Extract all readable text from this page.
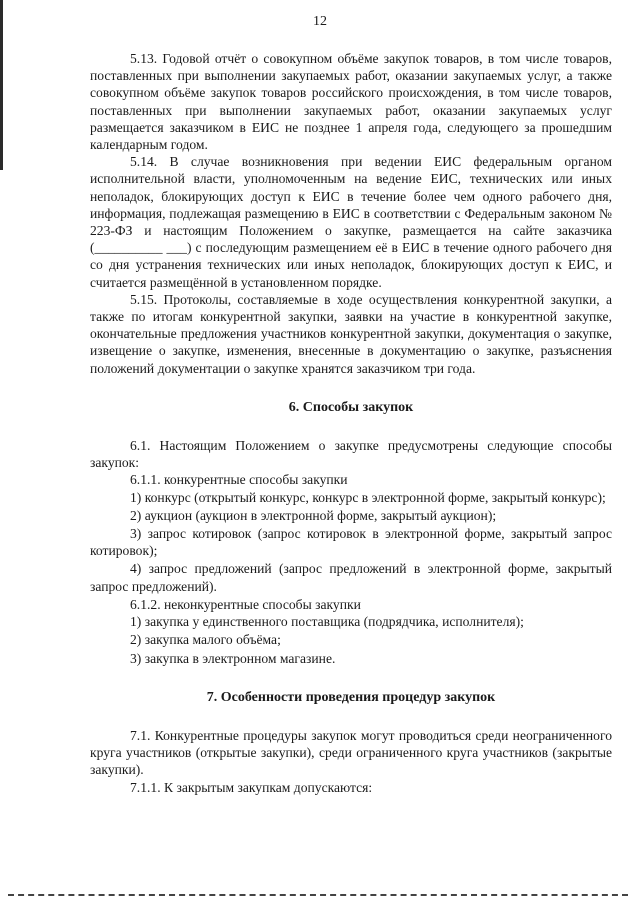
12

5.13. Годовой отчёт о совокупном объёме закупок товаров, в том числе товаров, поставленных при выполнении закупаемых работ, оказании закупаемых услуг, а также совокупном объёме закупок товаров российского происхождения, в том числе товаров, поставленных при выполнении закупаемых работ, оказании закупаемых услуг размещается заказчиком в ЕИС не позднее 1 апреля года, следующего за прошедшим календарным годом.

5.14. В случае возникновения при ведении ЕИС федеральным органом исполнительной власти, уполномоченным на ведение ЕИС, технических или иных неполадок, блокирующих доступ к ЕИС в течение более чем одного рабочего дня, информация, подлежащая размещению в ЕИС в соответствии с Федеральным законом № 223-ФЗ и настоящим Положением о закупке, размещается на сайте заказчика (__________ ___) с последующим размещением её в ЕИС в течение одного рабочего дня со дня устранения технических или иных неполадок, блокирующих доступ к ЕИС, и считается размещённой в установленном порядке.

5.15. Протоколы, составляемые в ходе осуществления конкурентной закупки, а также по итогам конкурентной закупки, заявки на участие в конкурентной закупке, окончательные предложения участников конкурентной закупки, документация о закупке, извещение о закупке, изменения, внесенные в документацию о закупке, разъяснения положений документации о закупке хранятся заказчиком три года.

6. Способы закупок

6.1. Настоящим Положением о закупке предусмотрены следующие способы закупок:

6.1.1. конкурентные способы закупки

1) конкурс (открытый конкурс, конкурс в электронной форме, закрытый конкурс);

2) аукцион (аукцион в электронной форме, закрытый аукцион);

3) запрос котировок (запрос котировок в электронной форме, закрытый запрос котировок);

4) запрос предложений (запрос предложений в электронной форме, закрытый запрос предложений).

6.1.2. неконкурентные способы закупки

1) закупка у единственного поставщика (подрядчика, исполнителя);

2) закупка малого объёма;

3) закупка в электронном магазине.

7. Особенности проведения процедур закупок

7.1. Конкурентные процедуры закупок могут проводиться среди неограниченного круга участников (открытые закупки), среди ограниченного круга участников (закрытые закупки).

7.1.1. К закрытым закупкам допускаются:
